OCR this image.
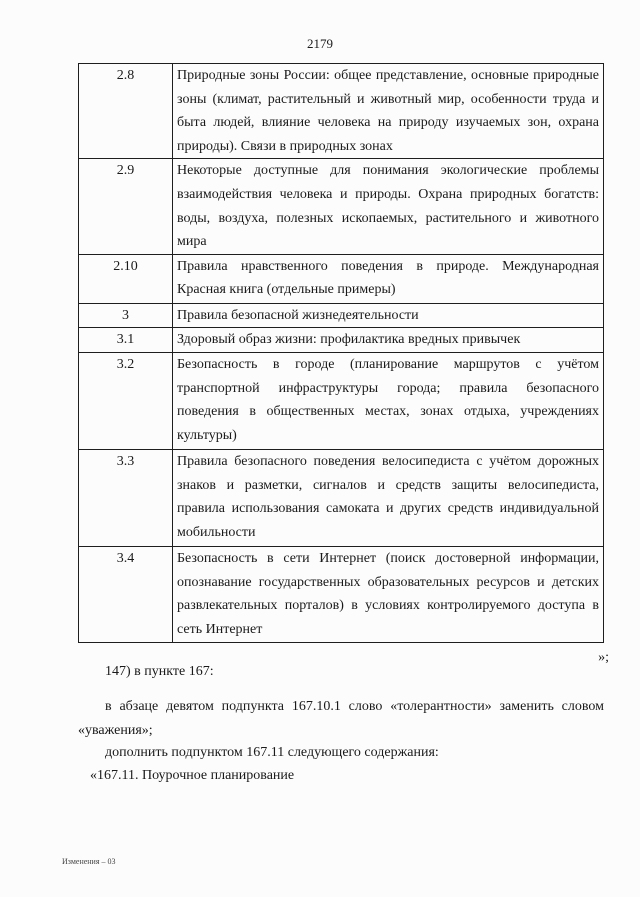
2179
2.8	Природные зоны России: общее представление, основные природные зоны (климат, растительный и животный мир, особенности труда и быта людей, влияние человека на природу изучаемых зон, охрана природы). Связи в природных зонах
2.9	Некоторые доступные для понимания экологические проблемы взаимодействия человека и природы. Охрана природных богатств: воды, воздуха, полезных ископаемых, растительного и животного мира
2.10	Правила нравственного поведения в природе. Международная Красная книга (отдельные примеры)
3	Правила безопасной жизнедеятельности
3.1	Здоровый образ жизни: профилактика вредных привычек
3.2	Безопасность в городе (планирование маршрутов с учётом транспортной инфраструктуры города; правила безопасного поведения в общественных местах, зонах отдыха, учреждениях культуры)
3.3	Правила безопасного поведения велосипедиста с учётом дорожных знаков и разметки, сигналов и средств защиты велосипедиста, правила использования самоката и других средств индивидуальной мобильности
3.4	Безопасность в сети Интернет (поиск достоверной информации, опознавание государственных образовательных ресурсов и детских развлекательных порталов) в условиях контролируемого доступа в сеть Интернет
»;
147) в пункте 167:
в абзаце девятом подпункта 167.10.1 слово «толерантности» заменить словом «уважения»;
дополнить подпунктом 167.11 следующего содержания:
«167.11. Поурочное планирование
Изменения – 03
